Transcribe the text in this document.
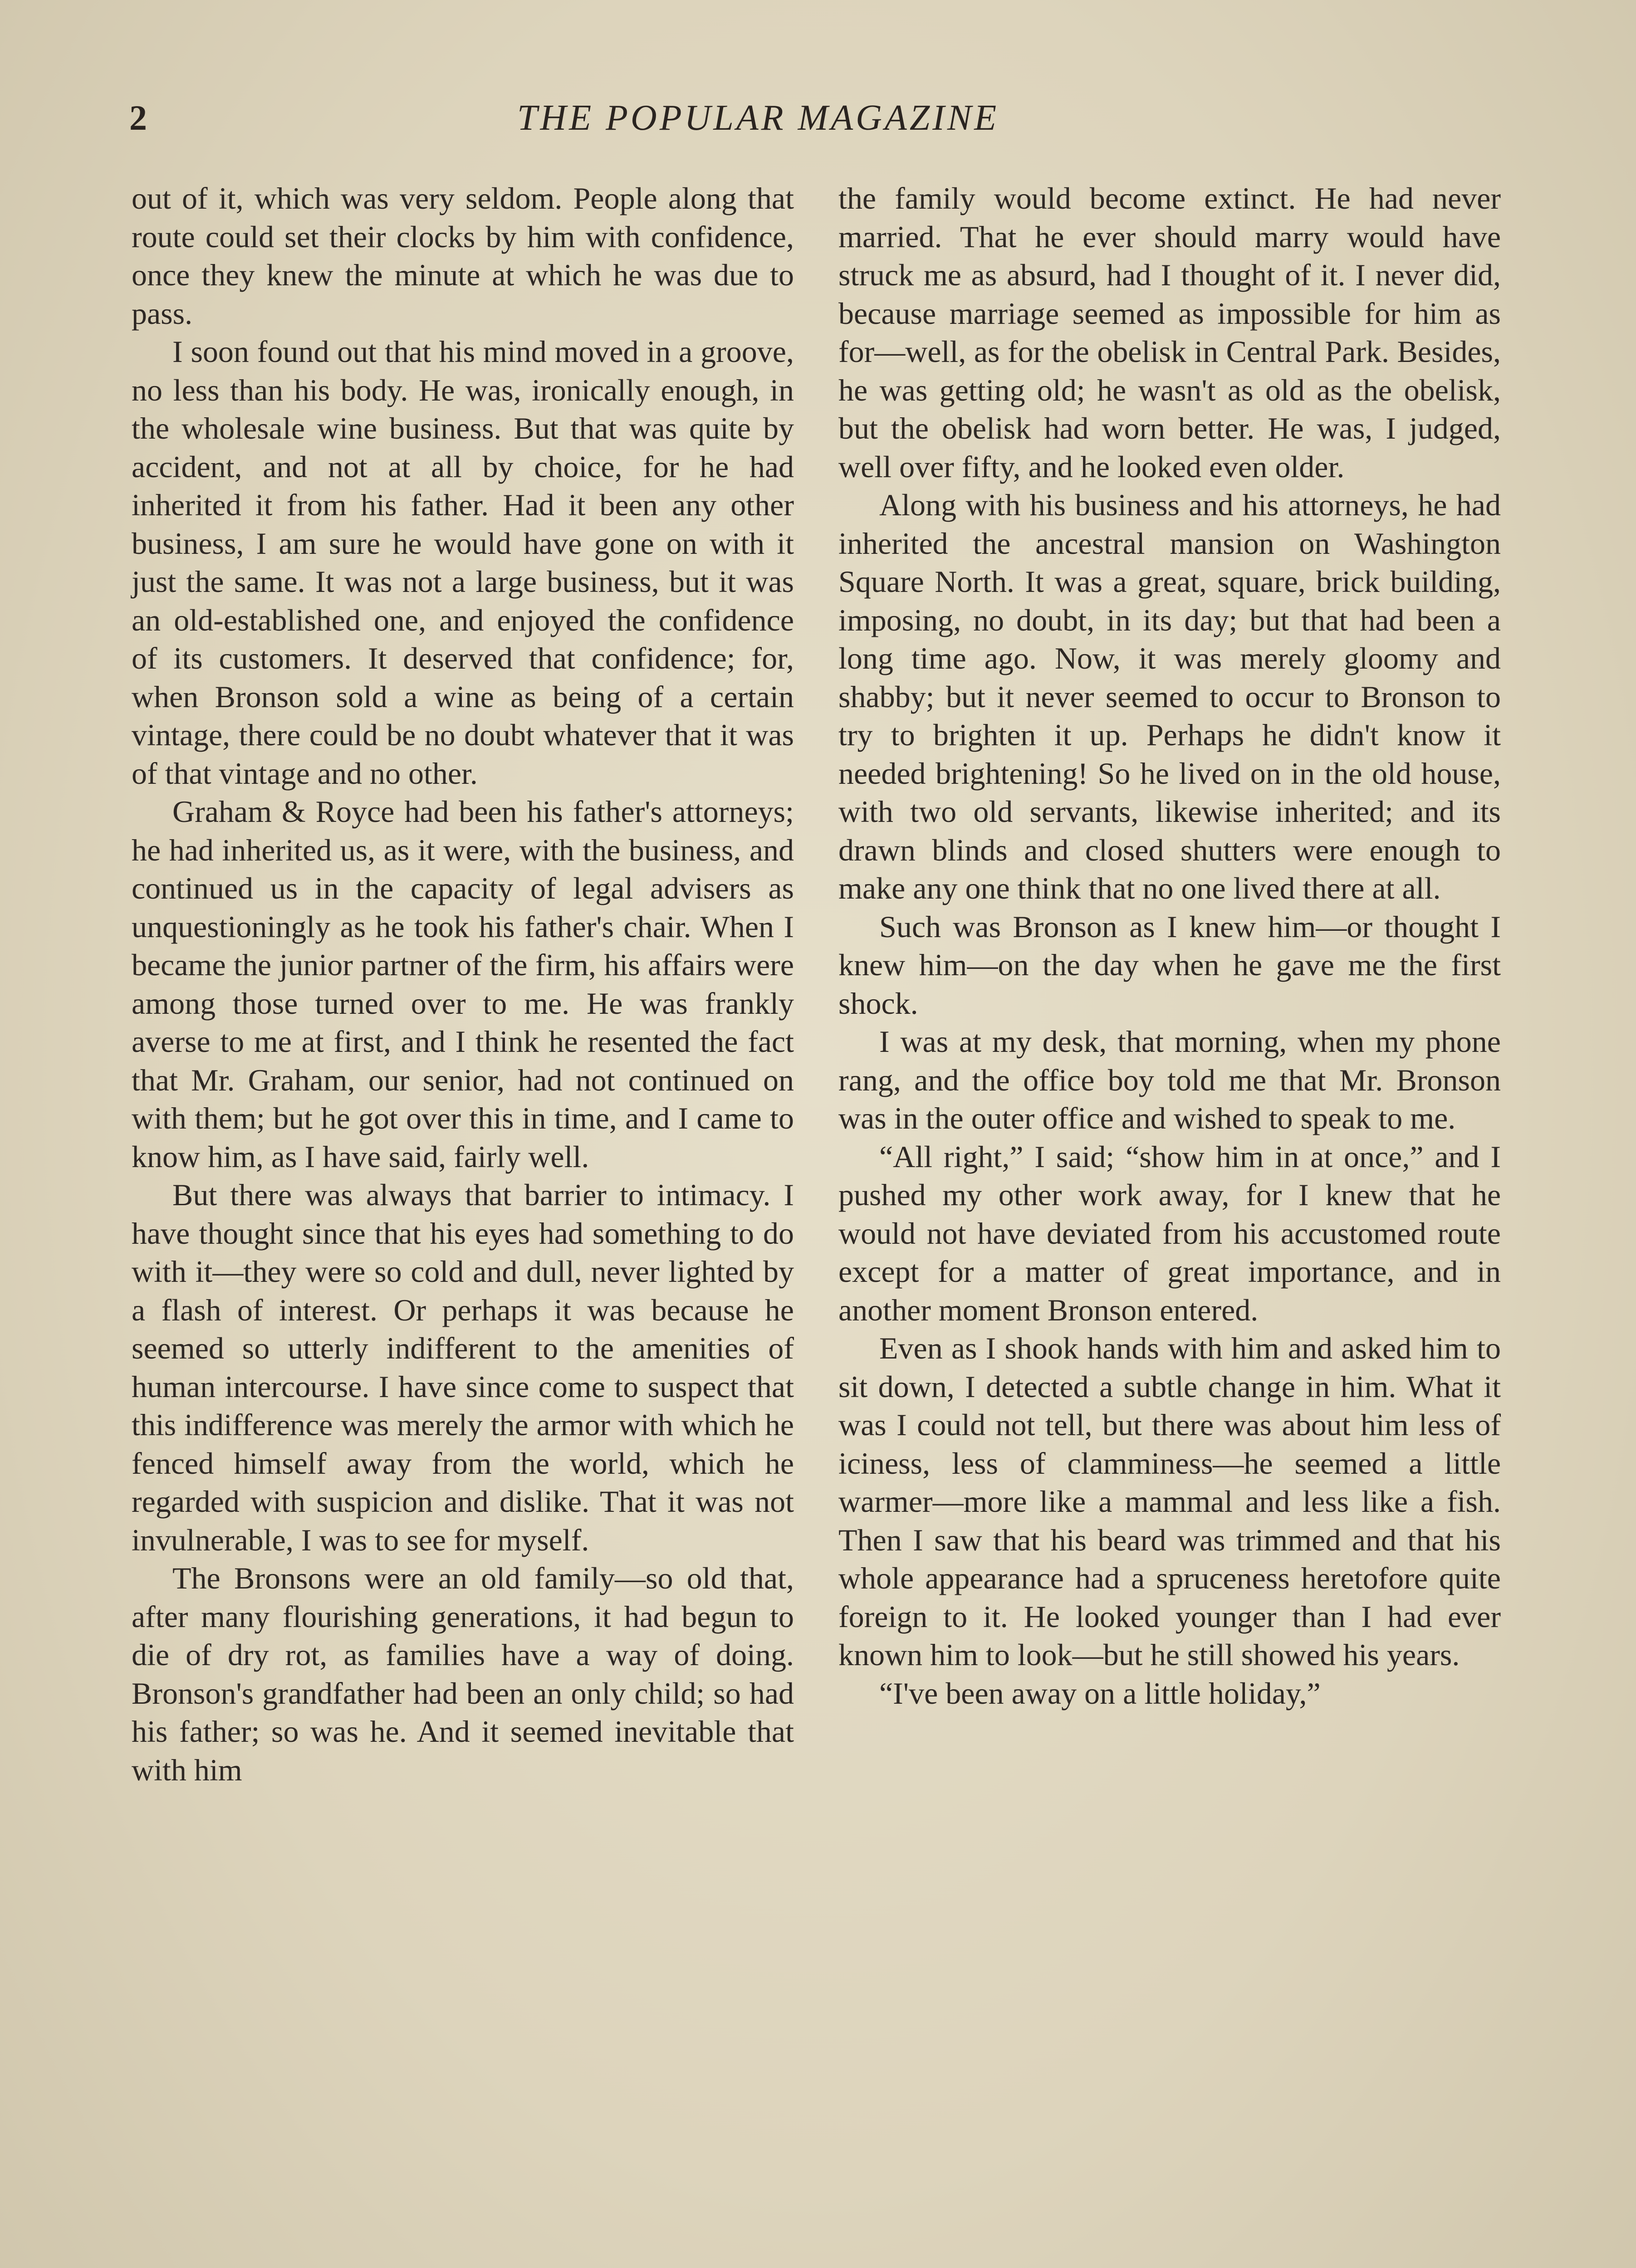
2	THE POPULAR MAGAZINE

out of it, which was very seldom. People along that route could set their clocks by him with confidence, once they knew the minute at which he was due to pass.

I soon found out that his mind moved in a groove, no less than his body. He was, ironically enough, in the wholesale wine business. But that was quite by accident, and not at all by choice, for he had inherited it from his father. Had it been any other business, I am sure he would have gone on with it just the same. It was not a large business, but it was an old-established one, and enjoyed the confidence of its customers. It deserved that confidence; for, when Bronson sold a wine as being of a certain vintage, there could be no doubt whatever that it was of that vintage and no other.

Graham & Royce had been his father's attorneys; he had inherited us, as it were, with the business, and continued us in the capacity of legal advisers as unquestioningly as he took his father's chair. When I became the junior partner of the firm, his affairs were among those turned over to me. He was frankly averse to me at first, and I think he resented the fact that Mr. Graham, our senior, had not continued on with them; but he got over this in time, and I came to know him, as I have said, fairly well.

But there was always that barrier to intimacy. I have thought since that his eyes had something to do with it—they were so cold and dull, never lighted by a flash of interest. Or perhaps it was because he seemed so utterly indifferent to the amenities of human intercourse. I have since come to suspect that this indifference was merely the armor with which he fenced himself away from the world, which he regarded with suspicion and dislike. That it was not invulnerable, I was to see for myself.

The Bronsons were an old family—so old that, after many flourishing generations, it had begun to die of dry rot, as families have a way of doing. Bronson's grandfather had been an only child; so had his father; so was he. And it seemed inevitable that with him

the family would become extinct. He had never married. That he ever should marry would have struck me as absurd, had I thought of it. I never did, because marriage seemed as impossible for him as for—well, as for the obelisk in Central Park. Besides, he was getting old; he wasn't as old as the obelisk, but the obelisk had worn better. He was, I judged, well over fifty, and he looked even older.

Along with his business and his attorneys, he had inherited the ancestral mansion on Washington Square North. It was a great, square, brick building, imposing, no doubt, in its day; but that had been a long time ago. Now, it was merely gloomy and shabby; but it never seemed to occur to Bronson to try to brighten it up. Perhaps he didn't know it needed brightening! So he lived on in the old house, with two old servants, likewise inherited; and its drawn blinds and closed shutters were enough to make any one think that no one lived there at all.

Such was Bronson as I knew him—or thought I knew him—on the day when he gave me the first shock.

I was at my desk, that morning, when my phone rang, and the office boy told me that Mr. Bronson was in the outer office and wished to speak to me.

“All right,” I said; “show him in at once,” and I pushed my other work away, for I knew that he would not have deviated from his accustomed route except for a matter of great importance, and in another moment Bronson entered.

Even as I shook hands with him and asked him to sit down, I detected a subtle change in him. What it was I could not tell, but there was about him less of iciness, less of clamminess—he seemed a little warmer—more like a mammal and less like a fish. Then I saw that his beard was trimmed and that his whole appearance had a spruceness heretofore quite foreign to it. He looked younger than I had ever known him to look—but he still showed his years.

“I've been away on a little holiday,”
